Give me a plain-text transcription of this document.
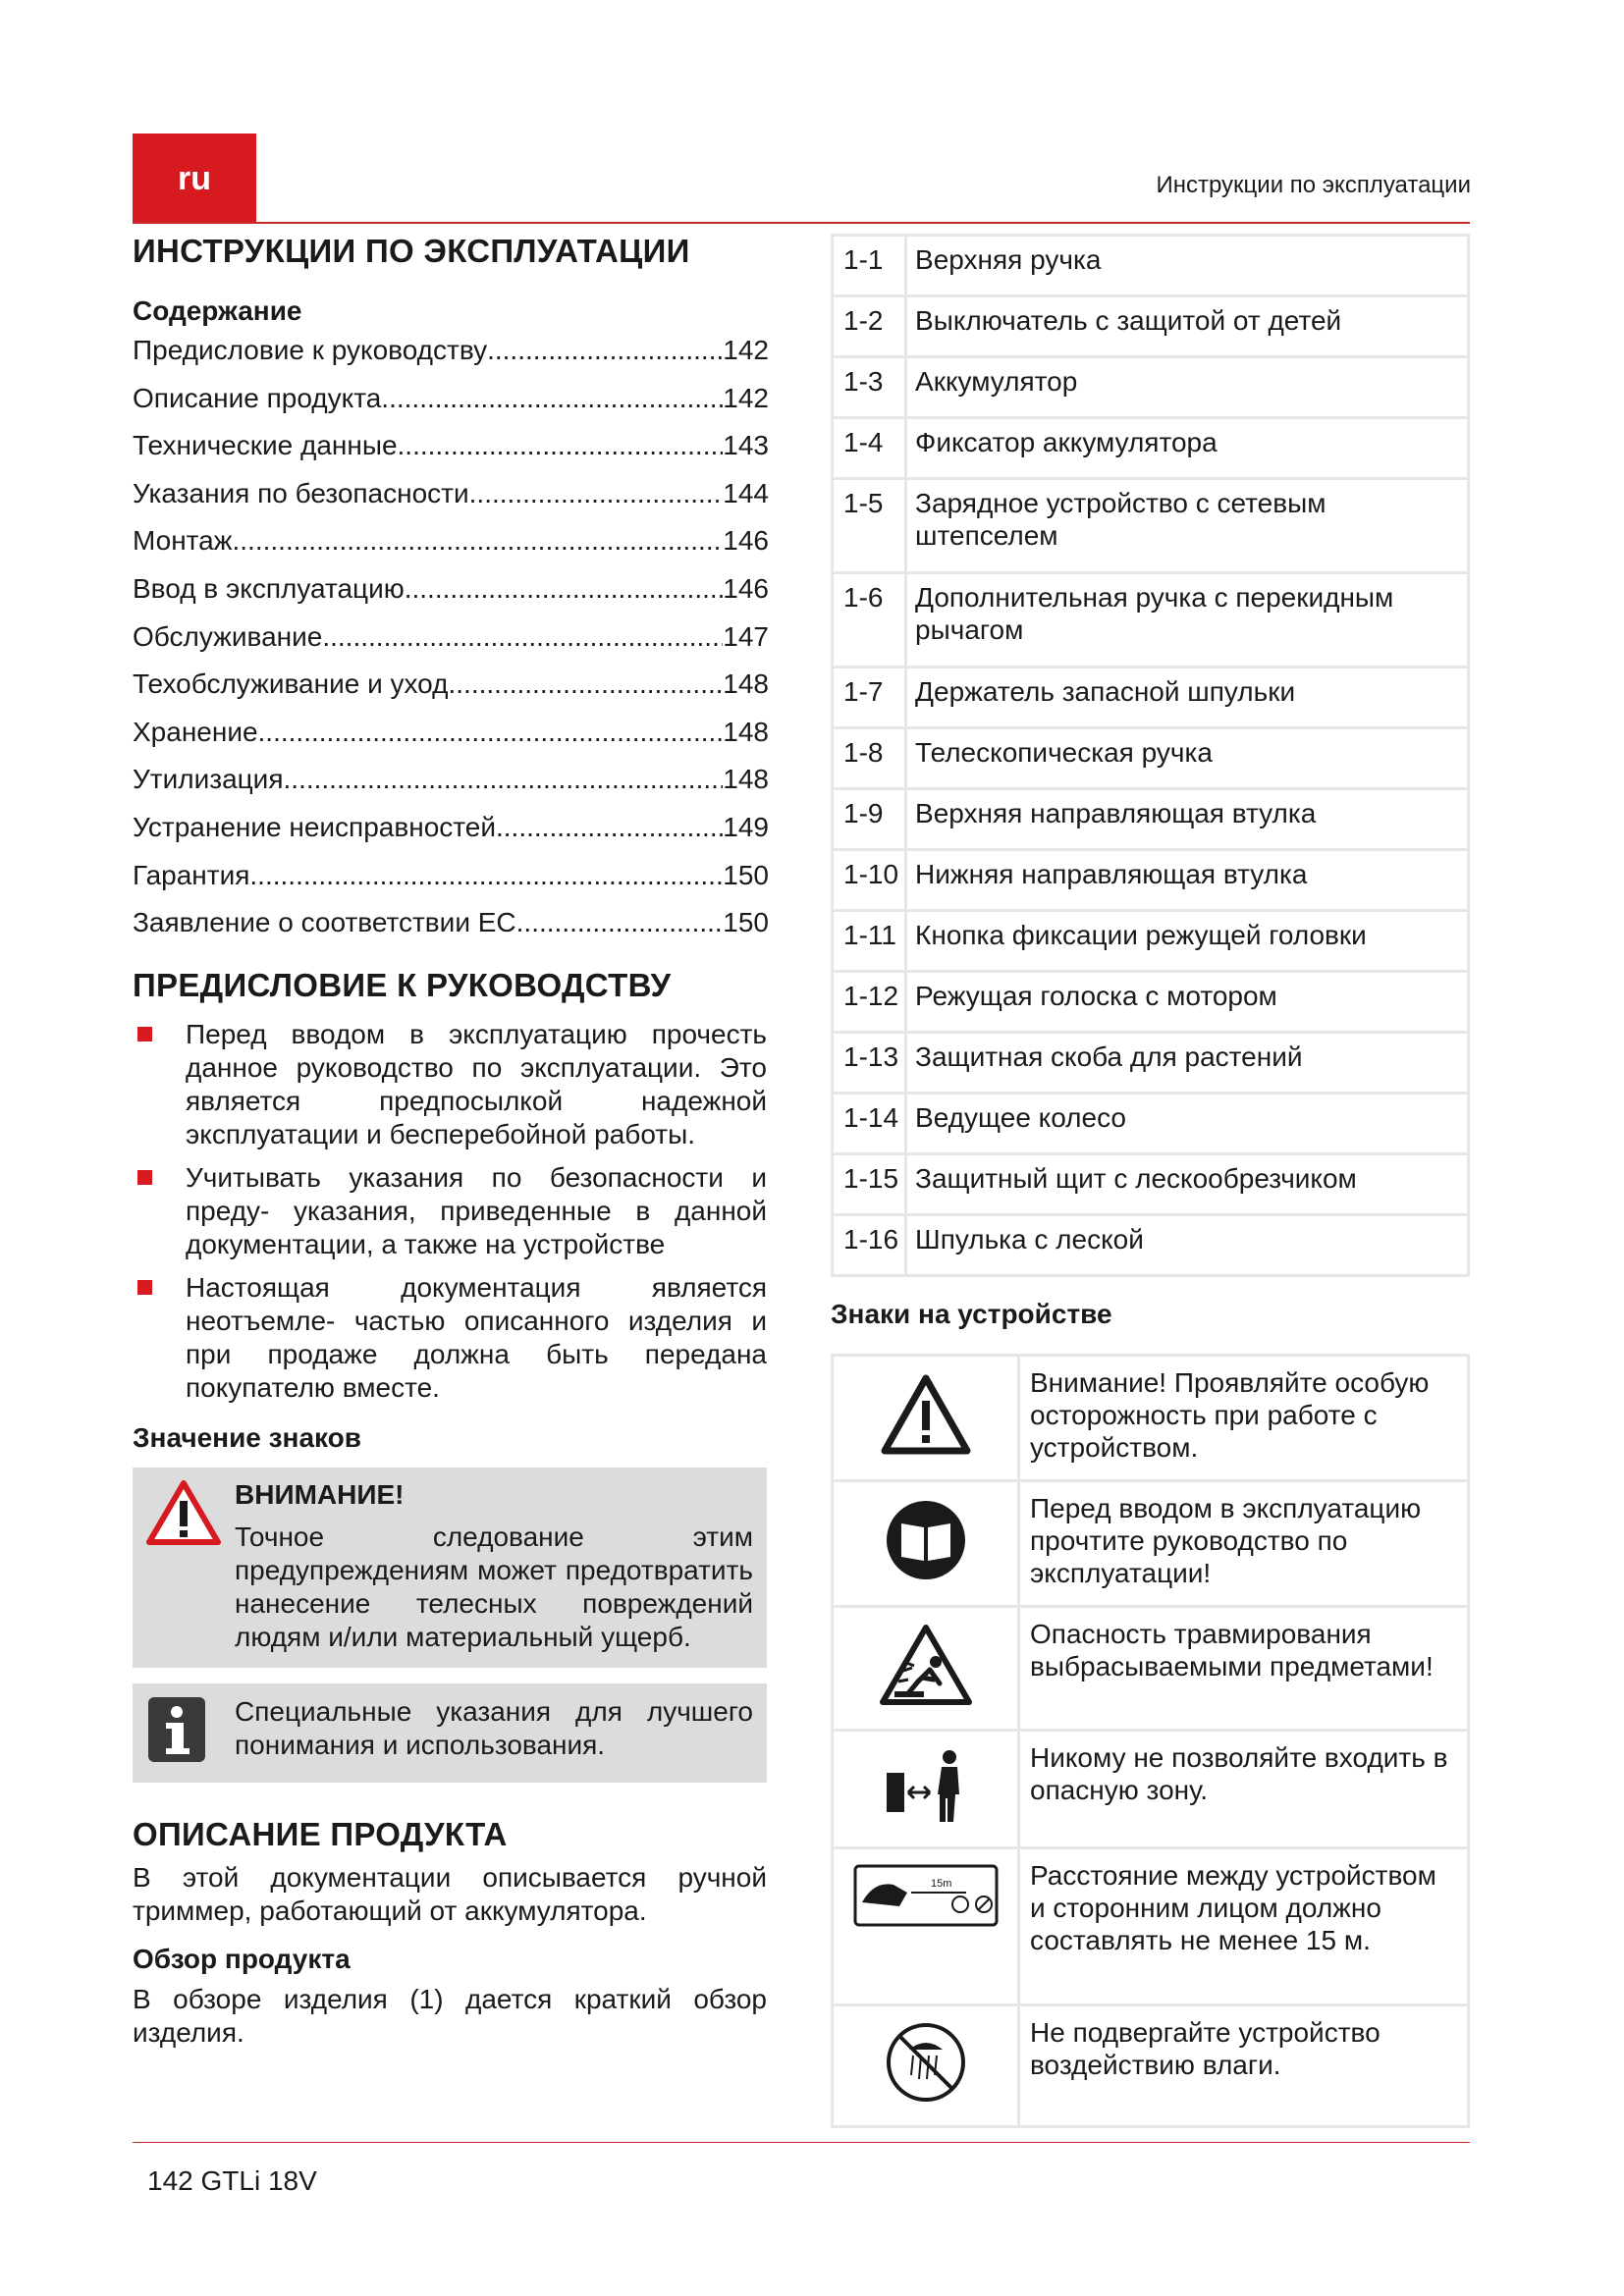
ru	Инструкции по эксплуатации
ИНСТРУКЦИИ ПО ЭКСПЛУАТАЦИИ
Содержание
Предисловие к руководству .....	142
Описание продукта .....	142
Технические данные .....	143
Указания по безопасности .....	144
Монтаж .....	146
Ввод в эксплуатацию .....	146
Обслуживание .....	147
Техобслуживание и уход .....	148
Хранение .....	148
Утилизация .....	148
Устранение неисправностей .....	149
Гарантия .....	150
Заявление о соответствии ЕС .....	150
ПРЕДИСЛОВИЕ К РУКОВОДСТВУ
Перед вводом в эксплуатацию прочесть данное руководство по эксплуатации. Это является предпосылкой надежной эксплуатации и бесперебойной работы.
Учитывать указания по безопасности и преду- указания, приведенные в данной документации, а также на устройстве
Настоящая документация является неотъемле- частью описанного изделия и при продаже должна быть передана покупателю вместе.
Значение знаков
ВНИМАНИЕ!
Точное следование этим предупреждениям может предотвратить нанесение телесных повреждений людям и/или материальный ущерб.
Специальные указания для лучшего понимания и использования.
ОПИСАНИЕ ПРОДУКТА
В этой документации описывается ручной триммер, работающий от аккумулятора.
Обзор продукта
В обзоре изделия (1) дается краткий обзор изделия.
1-1	Верхняя ручка
1-2	Выключатель с защитой от детей
1-3	Аккумулятор
1-4	Фиксатор аккумулятора
1-5	Зарядное устройство с сетевым штепселем
1-6	Дополнительная ручка с перекидным рычагом
1-7	Держатель запасной шпульки
1-8	Телескопическая ручка
1-9	Верхняя направляющая втулка
1-10	Нижняя направляющая втулка
1-11	Кнопка фиксации режущей головки
1-12	Режущая голоска с мотором
1-13	Защитная скоба для растений
1-14	Ведущее колесо
1-15	Защитный щит с лескообрезчиком
1-16	Шпулька с леской
Знаки на устройстве
	Внимание! Проявляйте особую осторожность при работе с устройством.
	Перед вводом в эксплуатацию прочтите руководство по эксплуатации!
	Опасность травмирования выбрасываемыми предметами!
	Никому не позволяйте входить в опасную зону.

15m	Расстояние между устройством и сторонним лицом должно составлять не менее 15 м.
	Не подвергайте устройство воздействию влаги.
142 GTLi 18V
